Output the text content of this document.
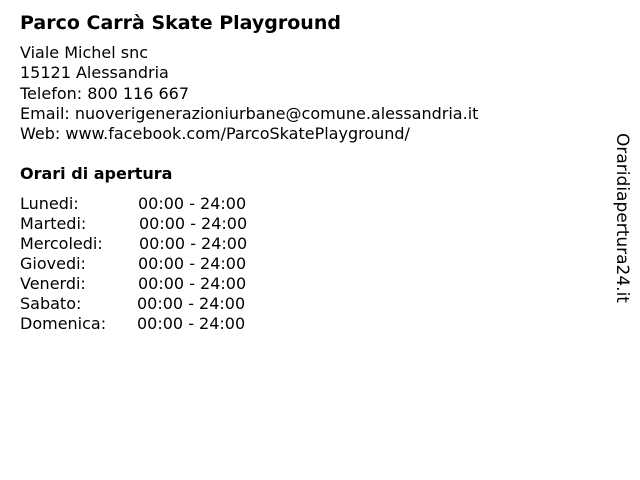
Parco Carrà Skate Playground
Viale Michel snc
15121 Alessandria
Telefon: 800 116 667
Email: nuoverigenerazioniurbane@comune.alessandria.it
Web: www.facebook.com/ParcoSkatePlayground/
Orari di apertura
Lunedi:	00:00 - 24:00
Martedi:	00:00 - 24:00
Mercoledi: 00:00 - 24:00
Giovedi:	00:00 - 24:00
Venerdi:	00:00 - 24:00
Sabato:	00:00 - 24:00
Domenica: 00:00 - 24:00
Oraridiapertura24.it
